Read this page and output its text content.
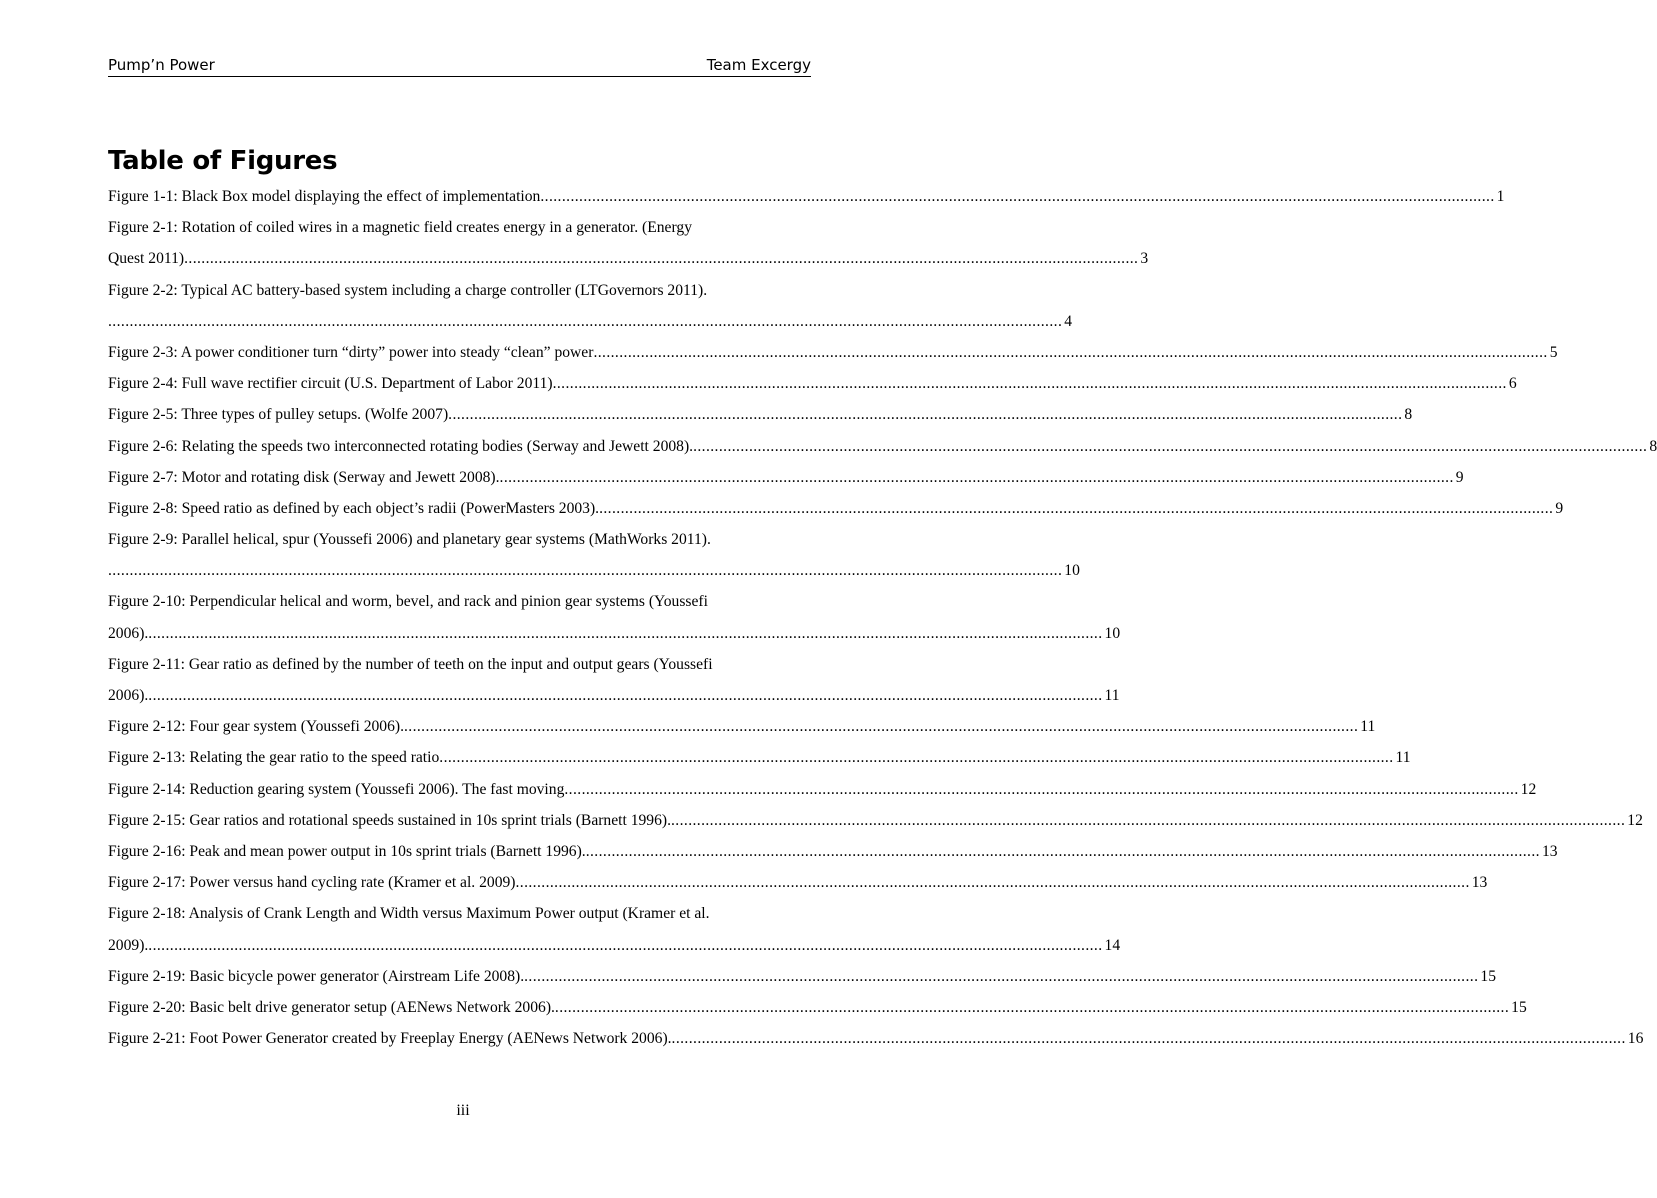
Pump’n Power	Team Excergy
Table of Figures
Figure 1-1: Black Box model displaying the effect of implementation .............................................................................................................................................................................................................................. 1
Figure 2-1: Rotation of coiled wires in a magnetic field creates energy in a generator. (Energy
Quest 2011) .............................................................................................................................................................................................................................. 3
Figure 2-2: Typical AC battery-based system including a charge controller (LTGovernors 2011).
.............................................................................................................................................................................................................................. 4
Figure 2-3: A power conditioner turn “dirty” power into steady “clean” power .............................................................................................................................................................................................................................. 5
Figure 2-4: Full wave rectifier circuit (U.S. Department of Labor 2011) .............................................................................................................................................................................................................................. 6
Figure 2-5: Three types of pulley setups. (Wolfe 2007) .............................................................................................................................................................................................................................. 8
Figure 2-6: Relating the speeds two interconnected rotating bodies (Serway and Jewett 2008). .............................................................................................................................................................................................................................. 8
Figure 2-7: Motor and rotating disk (Serway and Jewett 2008). .............................................................................................................................................................................................................................. 9
Figure 2-8: Speed ratio as defined by each object’s radii (PowerMasters 2003). .............................................................................................................................................................................................................................. 9
Figure 2-9: Parallel helical, spur (Youssefi 2006) and planetary gear systems (MathWorks 2011).
.............................................................................................................................................................................................................................. 10
Figure 2-10: Perpendicular helical and worm, bevel, and rack and pinion gear systems (Youssefi
2006). .............................................................................................................................................................................................................................. 10
Figure 2-11: Gear ratio as defined by the number of teeth on the input and output gears (Youssefi
2006). .............................................................................................................................................................................................................................. 11
Figure 2-12: Four gear system (Youssefi 2006). .............................................................................................................................................................................................................................. 11
Figure 2-13: Relating the gear ratio to the speed ratio .............................................................................................................................................................................................................................. 11
Figure 2-14: Reduction gearing system (Youssefi 2006). The fast moving .............................................................................................................................................................................................................................. 12
Figure 2-15: Gear ratios and rotational speeds sustained in 10s sprint trials (Barnett 1996). .............................................................................................................................................................................................................................. 12
Figure 2-16: Peak and mean power output in 10s sprint trials (Barnett 1996). .............................................................................................................................................................................................................................. 13
Figure 2-17: Power versus hand cycling rate (Kramer et al. 2009) .............................................................................................................................................................................................................................. 13
Figure 2-18: Analysis of Crank Length and Width versus Maximum Power output (Kramer et al.
2009). .............................................................................................................................................................................................................................. 14
Figure 2-19: Basic bicycle power generator (Airstream Life 2008). .............................................................................................................................................................................................................................. 15
Figure 2-20: Basic belt drive generator setup (AENews Network 2006). .............................................................................................................................................................................................................................. 15
Figure 2-21: Foot Power Generator created by Freeplay Energy (AENews Network 2006). .............................................................................................................................................................................................................................. 16
iii
